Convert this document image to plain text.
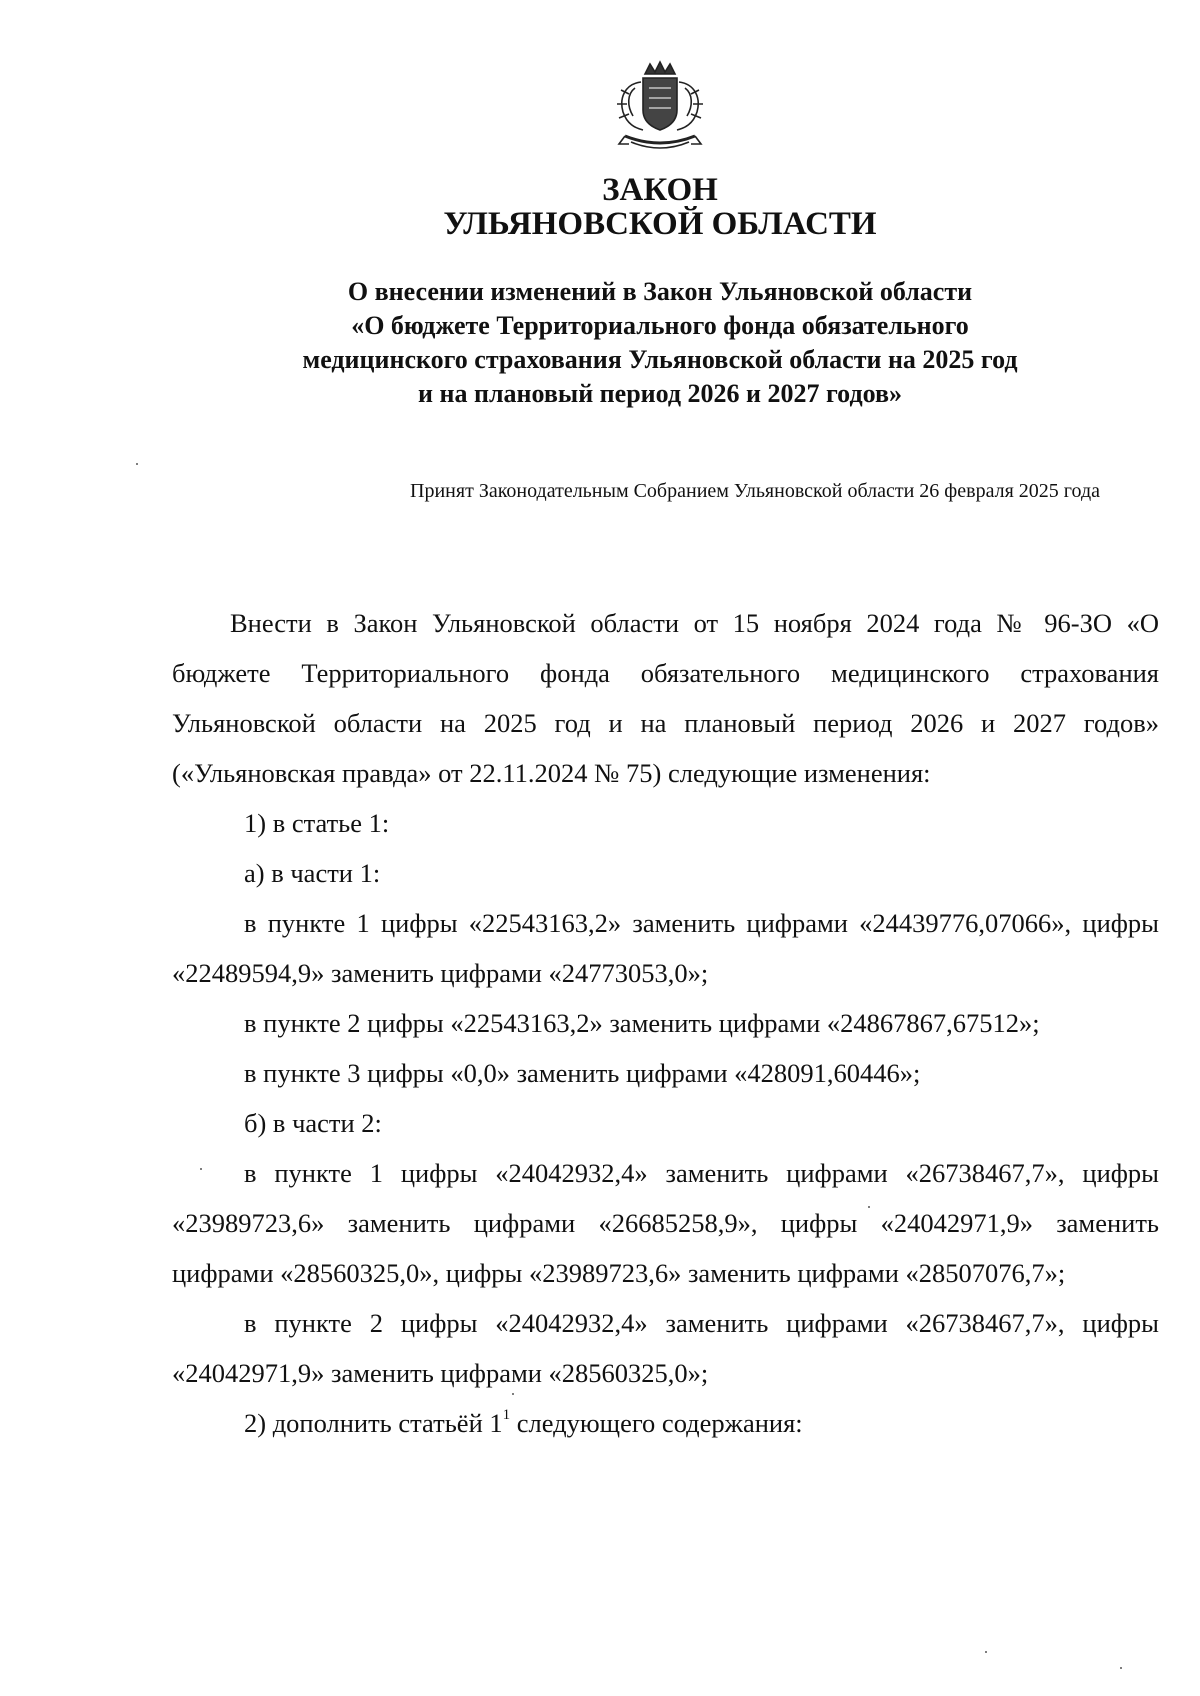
ЗАКОН
УЛЬЯНОВСКОЙ ОБЛАСТИ
О внесении изменений в Закон Ульяновской области
«О бюджете Территориального фонда обязательного
медицинского страхования Ульяновской области на 2025 год
и на плановый период 2026 и 2027 годов»

Принят Законодательным Собранием Ульяновской области 26 февраля 2025 года

Внести в Закон Ульяновской области от 15 ноября 2024 года № 96-ЗО «О бюджете Территориального фонда обязательного медицинского страхования Ульяновской области на 2025 год и на плановый период 2026 и 2027 годов» («Ульяновская правда» от 22.11.2024 № 75) следующие изменения:

1) в статье 1:

а) в части 1:

в пункте 1 цифры «22543163,2» заменить цифрами «24439776,07066», цифры «22489594,9» заменить цифрами «24773053,0»;

в пункте 2 цифры «22543163,2» заменить цифрами «24867867,67512»;

в пункте 3 цифры «0,0» заменить цифрами «428091,60446»;

б) в части 2:

в пункте 1 цифры «24042932,4» заменить цифрами «26738467,7», цифры «23989723,6» заменить цифрами «26685258,9», цифры «24042971,9» заменить цифрами «28560325,0», цифры «23989723,6» заменить цифрами «28507076,7»;

в пункте 2 цифры «24042932,4» заменить цифрами «26738467,7», цифры «24042971,9» заменить цифрами «28560325,0»;

2) дополнить статьёй $1^1$ следующего содержания:
